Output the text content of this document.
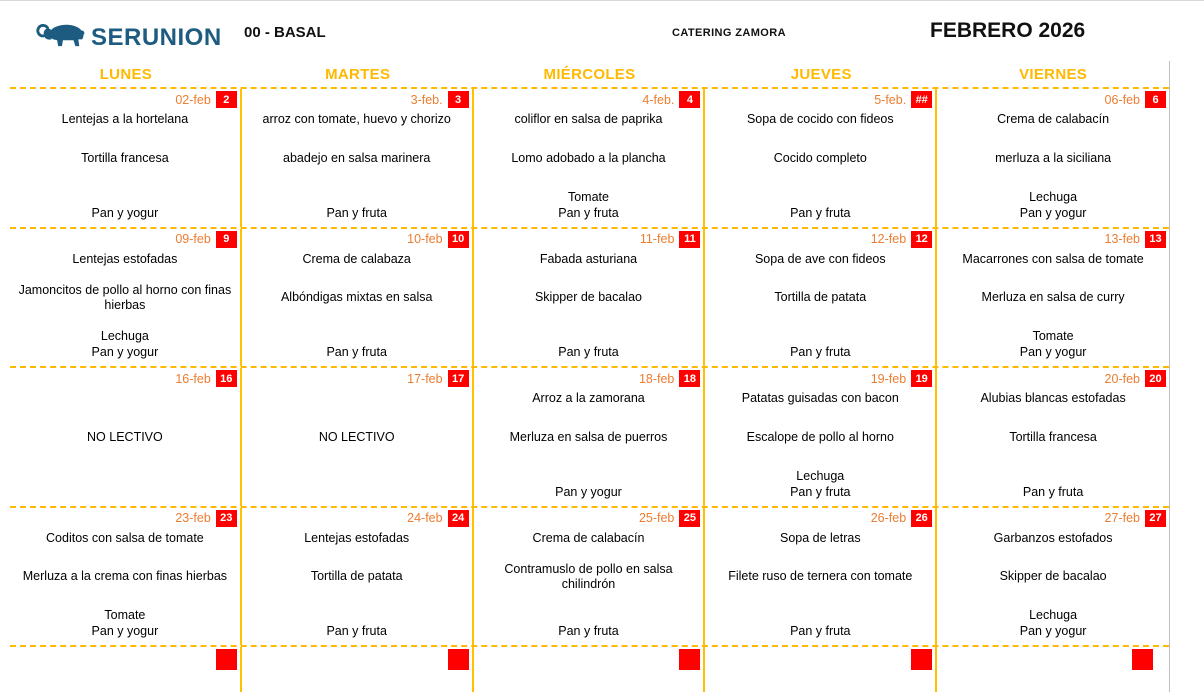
SERUNION 00 - BASAL	CATERING ZAMORA	FEBRERO 2026
LUNES	MARTES	MIÉRCOLES	JUEVES	VIERNES
02-feb	2
Lentejas a la hortelana
Tortilla francesa
Pan y yogur
3-feb.	3
arroz con tomate, huevo y chorizo
abadejo en salsa marinera
Pan y fruta
4-feb.	4
coliflor en salsa de paprika
Lomo adobado a la plancha
Tomate
Pan y fruta
5-feb. ##
Sopa de cocido con fideos
Cocido completo
Pan y fruta
06-feb	6
Crema de calabacín
merluza a la siciliana
Lechuga
Pan y yogur
09-feb	9
Lentejas estofadas
Jamoncitos de pollo al horno con finas hierbas
Lechuga
Pan y yogur
10-feb 10
Crema de calabaza
Albóndigas mixtas en salsa
Pan y fruta
11-feb 11
Fabada asturiana
Skipper de bacalao
Pan y fruta
12-feb 12
Sopa de ave con fideos
Tortilla de patata
Pan y fruta
13-feb 13
Macarrones con salsa de tomate
Merluza en salsa de curry
Tomate
Pan y yogur
16-feb 16
NO LECTIVO
17-feb 17
NO LECTIVO
18-feb 18
Arroz a la zamorana
Merluza en salsa de puerros
Pan y yogur
19-feb 19
Patatas guisadas con bacon
Escalope de pollo al horno
Lechuga
Pan y fruta
20-feb 20
Alubias blancas estofadas
Tortilla francesa
Pan y fruta
23-feb 23
Coditos con salsa de tomate
Merluza a la crema con finas hierbas
Tomate
Pan y yogur
24-feb 24
Lentejas estofadas
Tortilla de patata
Pan y fruta
25-feb 25
Crema de calabacín
Contramuslo de pollo en salsa chilindrón
Pan y fruta
26-feb 26
Sopa de letras
Filete ruso de ternera con tomate
Pan y fruta
27-feb 27
Garbanzos estofados
Skipper de bacalao
Lechuga
Pan y yogur
